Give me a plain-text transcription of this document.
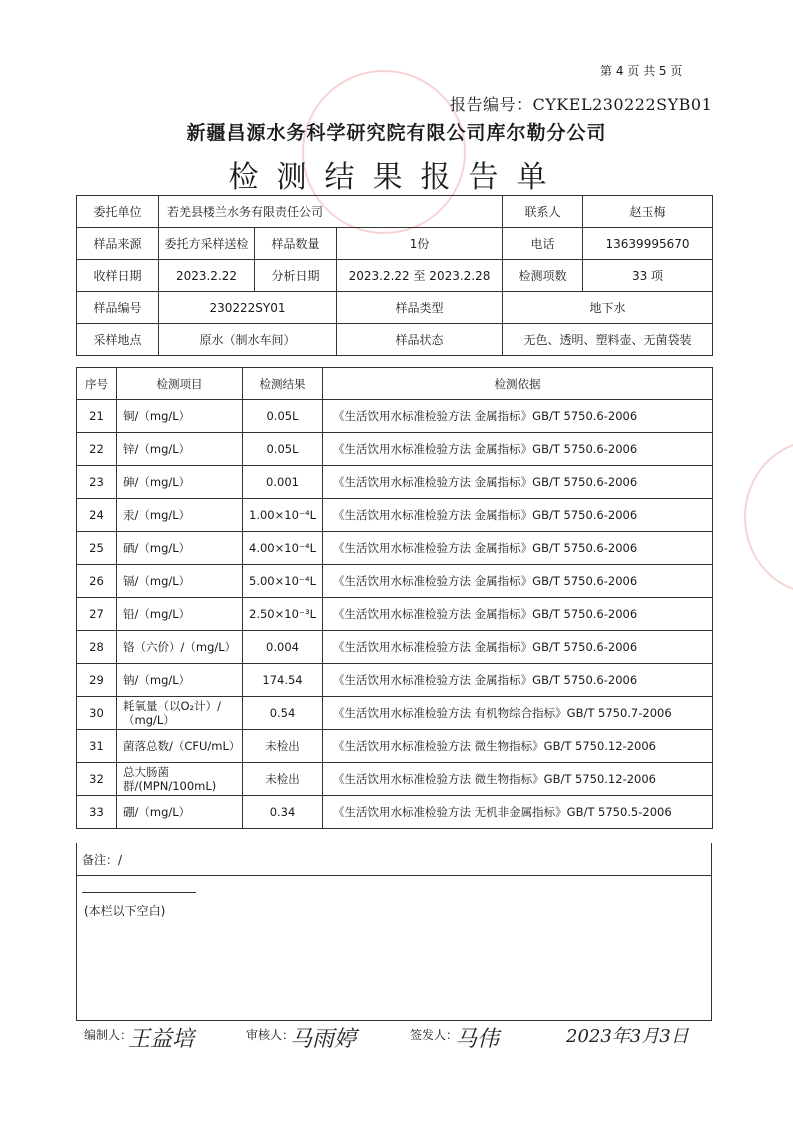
第 4 页 共 5 页
报告编号：CYKEL230222SYB01
新疆昌源水务科学研究院有限公司库尔勒分公司
检测结果报告单
委托单位	若羌县楼兰水务有限责任公司			联系人	赵玉梅
样品来源	委托方采样送检	样品数量	1份	电话	13639995670
收样日期	2023.2.22	分析日期	2023.2.22 至 2023.2.28	检测项数	33 项
样品编号	230222SY01		样品类型	地下水	
采样地点	原水（制水车间）		样品状态	无色、透明、塑料壶、无菌袋装	
序号	检测项目	检测结果	检测依据
21	铜/（mg/L）	0.05L	《生活饮用水标准检验方法 金属指标》GB/T 5750.6-2006
22	锌/（mg/L）	0.05L	《生活饮用水标准检验方法 金属指标》GB/T 5750.6-2006
23	砷/（mg/L）	0.001	《生活饮用水标准检验方法 金属指标》GB/T 5750.6-2006
24	汞/（mg/L）	1.00×10⁻⁴L	《生活饮用水标准检验方法 金属指标》GB/T 5750.6-2006
25	硒/（mg/L）	4.00×10⁻⁴L	《生活饮用水标准检验方法 金属指标》GB/T 5750.6-2006
26	镉/（mg/L）	5.00×10⁻⁴L	《生活饮用水标准检验方法 金属指标》GB/T 5750.6-2006
27	铅/（mg/L）	2.50×10⁻³L	《生活饮用水标准检验方法 金属指标》GB/T 5750.6-2006
28	铬（六价）/（mg/L）	0.004	《生活饮用水标准检验方法 金属指标》GB/T 5750.6-2006
29	钠/（mg/L）	174.54	《生活饮用水标准检验方法 金属指标》GB/T 5750.6-2006
30	耗氧量（以O₂计）/（mg/L）	0.54	《生活饮用水标准检验方法 有机物综合指标》GB/T 5750.7-2006
31	菌落总数/（CFU/mL）	未检出	《生活饮用水标准检验方法 微生物指标》GB/T 5750.12-2006
32	总大肠菌群/(MPN/100mL)	未检出	《生活饮用水标准检验方法 微生物指标》GB/T 5750.12-2006
33	硼/（mg/L）	0.34	《生活饮用水标准检验方法 无机非金属指标》GB/T 5750.5-2006
备注：/
(本栏以下空白)
编制人：
王益培	审核人：
马雨婷	签发人：
马伟	2023年3月3日
